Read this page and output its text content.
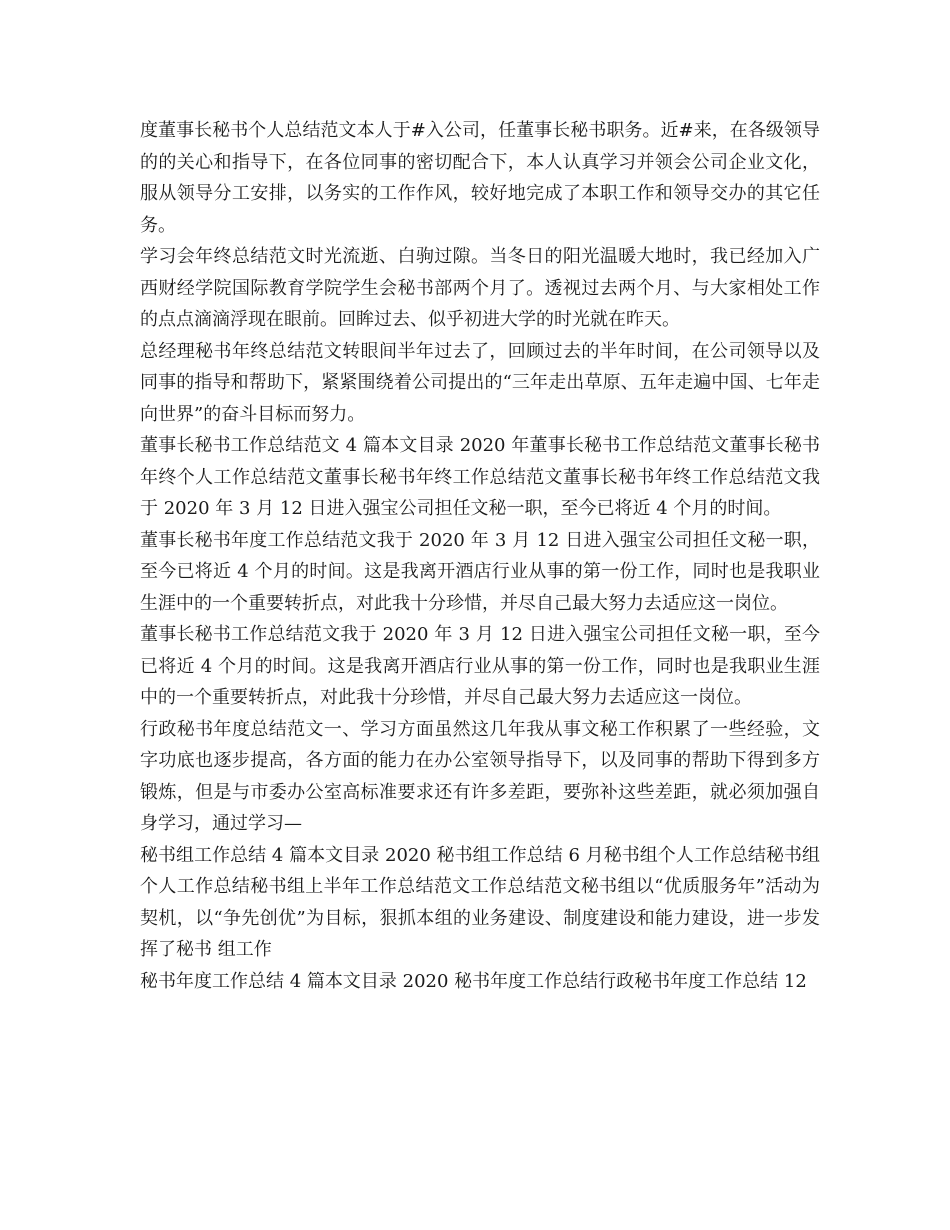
度董事长秘书个人总结范文本人于#入公司，任董事长秘书职务。近#来，在各级领导的的关心和指导下，在各位同事的密切配合下，本人认真学习并领会公司企业文化，服从领导分工安排，以务实的工作作风，较好地完成了本职工作和领导交办的其它任务。

学习会年终总结范文时光流逝、白驹过隙。当冬日的阳光温暖大地时，我已经加入广西财经学院国际教育学院学生会秘书部两个月了。透视过去两个月、与大家相处工作的点点滴滴浮现在眼前。回眸过去、似乎初进大学的时光就在昨天。

总经理秘书年终总结范文转眼间半年过去了，回顾过去的半年时间，在公司领导以及同事的指导和帮助下，紧紧围绕着公司提出的“三年走出草原、五年走遍中国、七年走向世界”的奋斗目标而努力。

董事长秘书工作总结范文 4 篇本文目录 2020 年董事长秘书工作总结范文董事长秘书年终个人工作总结范文董事长秘书年终工作总结范文董事长秘书年终工作总结范文我于 2020 年 3 月 12 日进入强宝公司担任文秘一职，至今已将近 4 个月的时间。

董事长秘书年度工作总结范文我于 2020 年 3 月 12 日进入强宝公司担任文秘一职，至今已将近 4 个月的时间。这是我离开酒店行业从事的第一份工作，同时也是我职业生涯中的一个重要转折点，对此我十分珍惜，并尽自己最大努力去适应这一岗位。

董事长秘书工作总结范文我于 2020 年 3 月 12 日进入强宝公司担任文秘一职，至今已将近 4 个月的时间。这是我离开酒店行业从事的第一份工作，同时也是我职业生涯中的一个重要转折点，对此我十分珍惜，并尽自己最大努力去适应这一岗位。

行政秘书年度总结范文一、学习方面虽然这几年我从事文秘工作积累了一些经验，文字功底也逐步提高，各方面的能力在办公室领导指导下，以及同事的帮助下得到多方锻炼，但是与市委办公室高标准要求还有许多差距，要弥补这些差距，就必须加强自身学习，通过学习—

秘书组工作总结 4 篇本文目录 2020 秘书组工作总结 6 月秘书组个人工作总结秘书组个人工作总结秘书组上半年工作总结范文工作总结范文秘书组以“优质服务年”活动为契机，以“争先创优”为目标，狠抓本组的业务建设、制度建设和能力建设，进一步发挥了秘书 组工作

秘书年度工作总结 4 篇本文目录 2020 秘书年度工作总结行政秘书年度工作总结 12
